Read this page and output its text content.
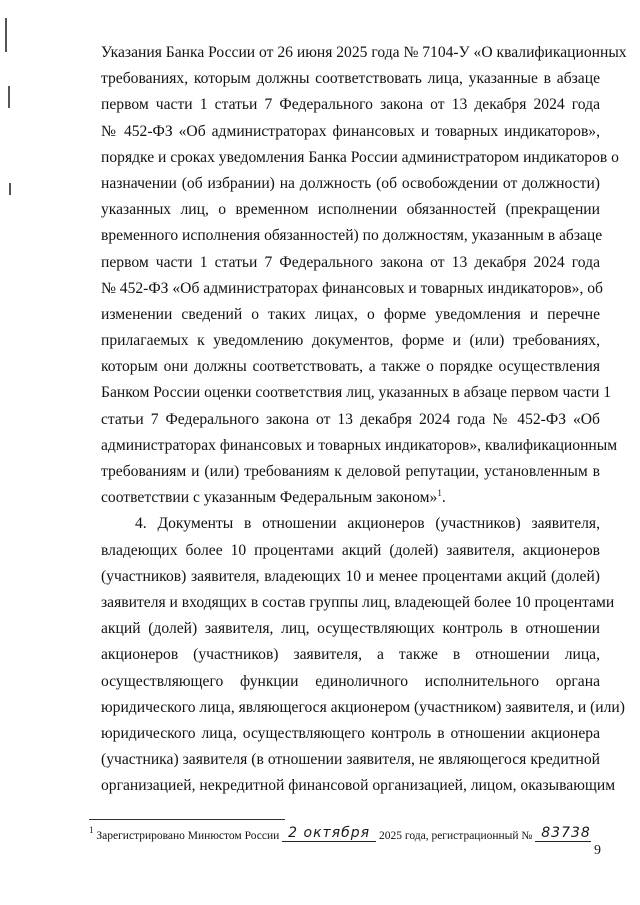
Указания Банка России от 26 июня 2025 года № 7104-У «О квалификационных
требованиях, которым должны соответствовать лица, указанные в абзаце
первом части 1 статьи 7 Федерального закона от 13 декабря 2024 года
№ 452-ФЗ «Об администраторах финансовых и товарных индикаторов»,
порядке и сроках уведомления Банка России администратором индикаторов о
назначении (об избрании) на должность (об освобождении от должности)
указанных лиц, о временном исполнении обязанностей (прекращении
временного исполнения обязанностей) по должностям, указанным в абзаце
первом части 1 статьи 7 Федерального закона от 13 декабря 2024 года
№ 452-ФЗ «Об администраторах финансовых и товарных индикаторов», об
изменении сведений о таких лицах, о форме уведомления и перечне
прилагаемых к уведомлению документов, форме и (или) требованиях,
которым они должны соответствовать, а также о порядке осуществления
Банком России оценки соответствия лиц, указанных в абзаце первом части 1
статьи 7 Федерального закона от 13 декабря 2024 года № 452-ФЗ «Об
администраторах финансовых и товарных индикаторов», квалификационным
требованиям и (или) требованиям к деловой репутации, установленным в
соответствии с указанным Федеральным законом»$^1$.
4. Документы в отношении акционеров (участников) заявителя,
владеющих более 10 процентами акций (долей) заявителя, акционеров
(участников) заявителя, владеющих 10 и менее процентами акций (долей)
заявителя и входящих в состав группы лиц, владеющей более 10 процентами
акций (долей) заявителя, лиц, осуществляющих контроль в отношении
акционеров (участников) заявителя, а также в отношении лица,
осуществляющего функции единоличного исполнительного органа
юридического лица, являющегося акционером (участником) заявителя, и (или)
юридического лица, осуществляющего контроль в отношении акционера
(участника) заявителя (в отношении заявителя, не являющегося кредитной
организацией, некредитной финансовой организацией, лицом, оказывающим
$^1$ Зарегистрировано Минюстом России 2 октября 2025 года, регистрационный № 83738
9
